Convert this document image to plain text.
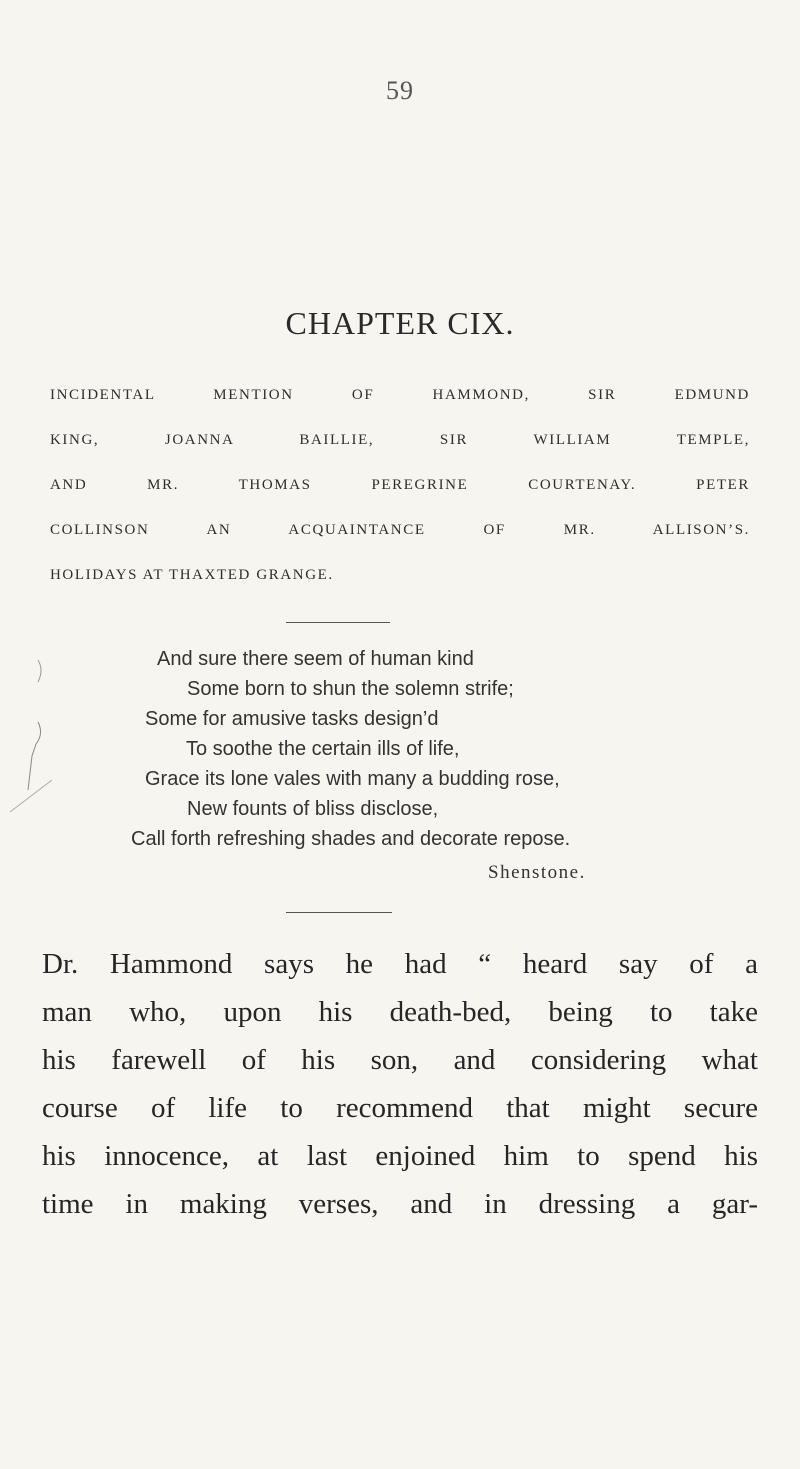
59
CHAPTER CIX.
INCIDENTAL MENTION OF HAMMOND, SIR EDMUND
KING, JOANNA BAILLIE, SIR WILLIAM TEMPLE,
AND MR. THOMAS PEREGRINE COURTENAY. PETER
COLLINSON AN ACQUAINTANCE OF MR. ALLISON’S.
HOLIDAYS AT THAXTED GRANGE.
And sure there seem of human kind
Some born to shun the solemn strife;
Some for amusive tasks design’d
To soothe the certain ills of life,
Grace its lone vales with many a budding rose,
New founts of bliss disclose,
Call forth refreshing shades and decorate repose.
Shenstone.
Dr. Hammond says he had “ heard say of a
man who, upon his death-bed, being to take
his farewell of his son, and considering what
course of life to recommend that might secure
his innocence, at last enjoined him to spend his
time in making verses, and in dressing a gar-
